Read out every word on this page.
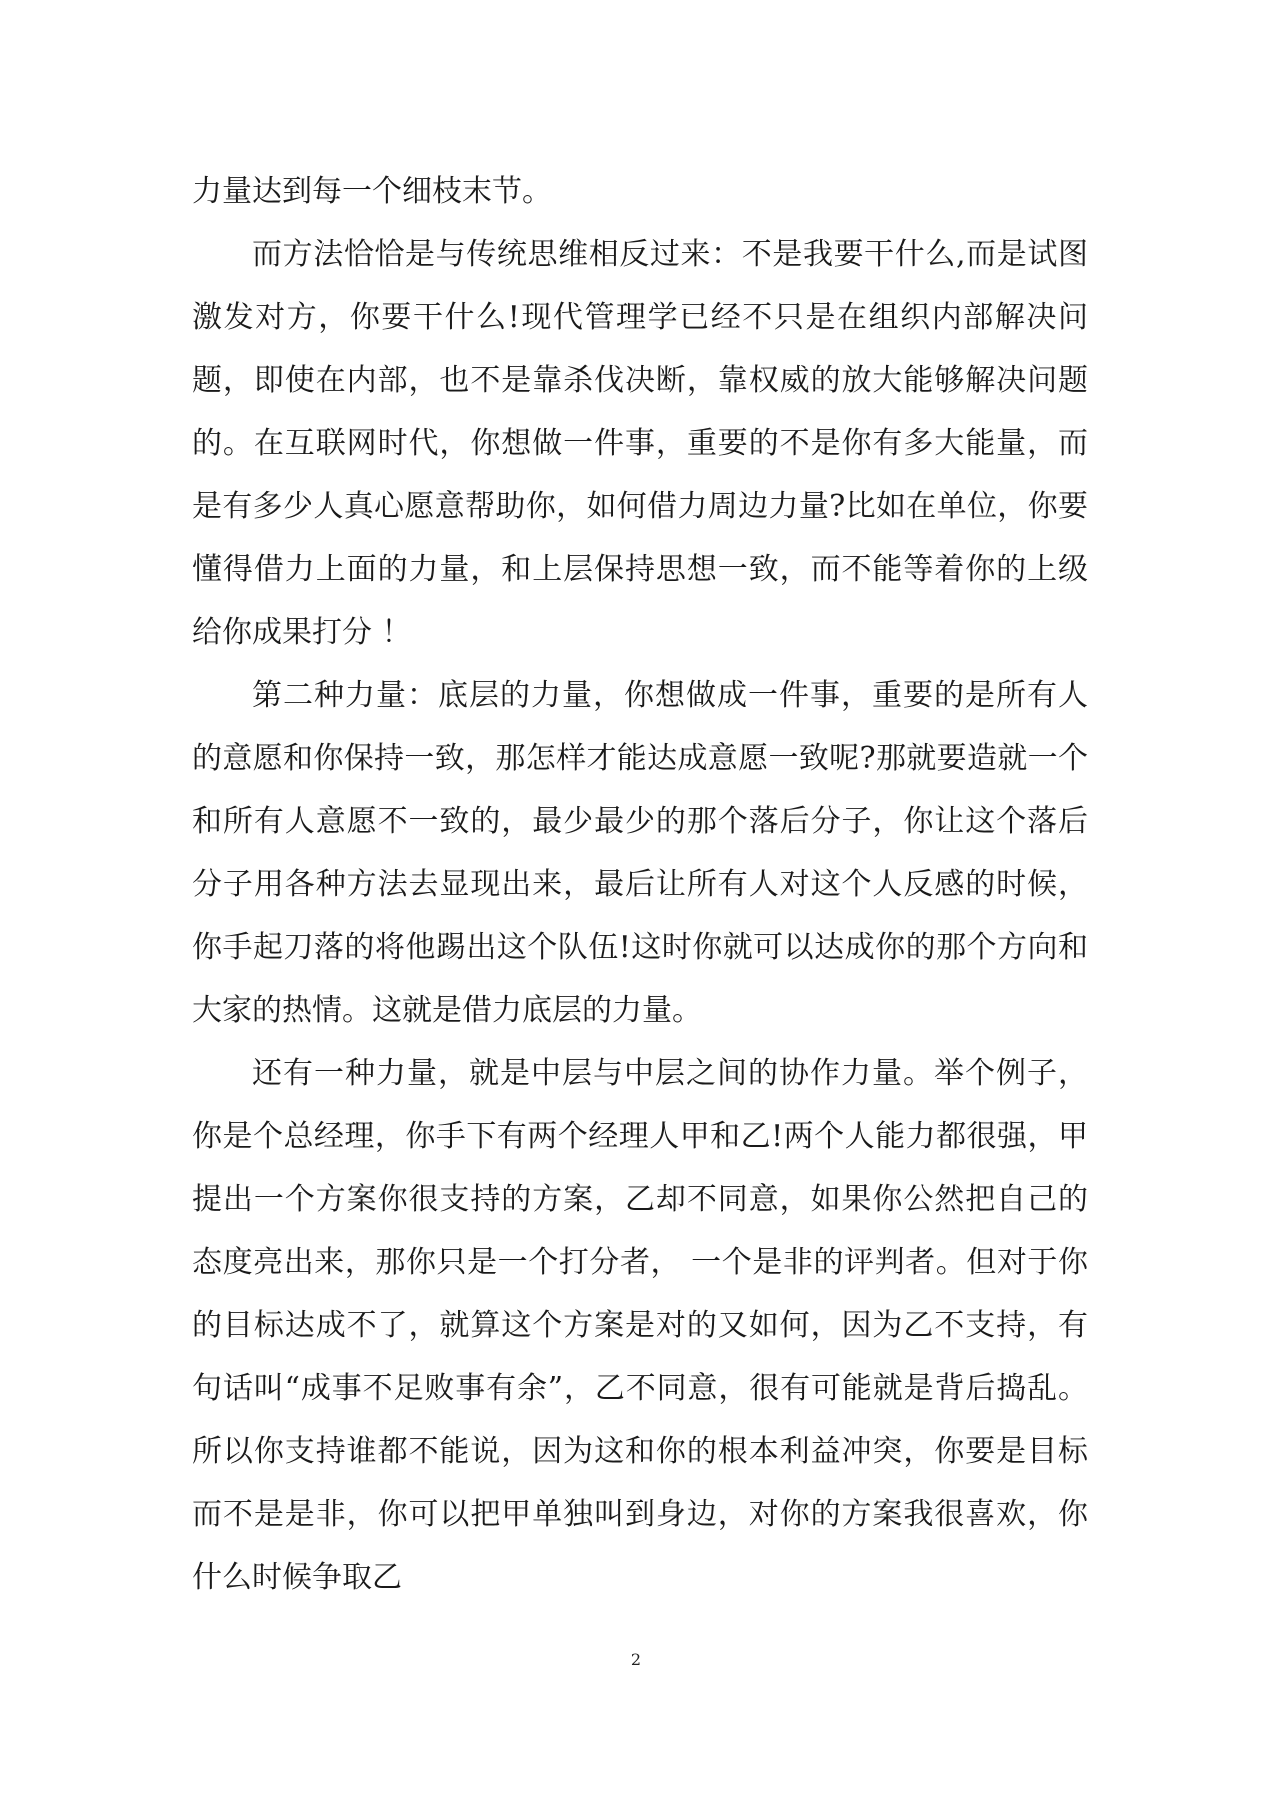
力量达到每一个细枝末节。

而方法恰恰是与传统思维相反过来：不是我要干什么,而是试图激发对方，你要干什么!现代管理学已经不只是在组织内部解决问题，即使在内部，也不是靠杀伐决断，靠权威的放大能够解决问题的。在互联网时代，你想做一件事，重要的不是你有多大能量，而是有多少人真心愿意帮助你，如何借力周边力量?比如在单位，你要懂得借力上面的力量，和上层保持思想一致，而不能等着你的上级给你成果打分 ！

第二种力量：底层的力量，你想做成一件事，重要的是所有人的意愿和你保持一致，那怎样才能达成意愿一致呢?那就要造就一个和所有人意愿不一致的，最少最少的那个落后分子，你让这个落后分子用各种方法去显现出来，最后让所有人对这个人反感的时候，你手起刀落的将他踢出这个队伍!这时你就可以达成你的那个方向和大家的热情。这就是借力底层的力量。

还有一种力量，就是中层与中层之间的协作力量。举个例子，你是个总经理，你手下有两个经理人甲和乙!两个人能力都很强，甲提出一个方案你很支持的方案，乙却不同意，如果你公然把自己的态度亮出来，那你只是一个打分者， 一个是非的评判者。但对于你的目标达成不了，就算这个方案是对的又如何，因为乙不支持，有句话叫“成事不足败事有余”，乙不同意，很有可能就是背后捣乱。所以你支持谁都不能说，因为这和你的根本利益冲突，你要是目标而不是是非，你可以把甲单独叫到身边，对你的方案我很喜欢，你什么时候争取乙

2
